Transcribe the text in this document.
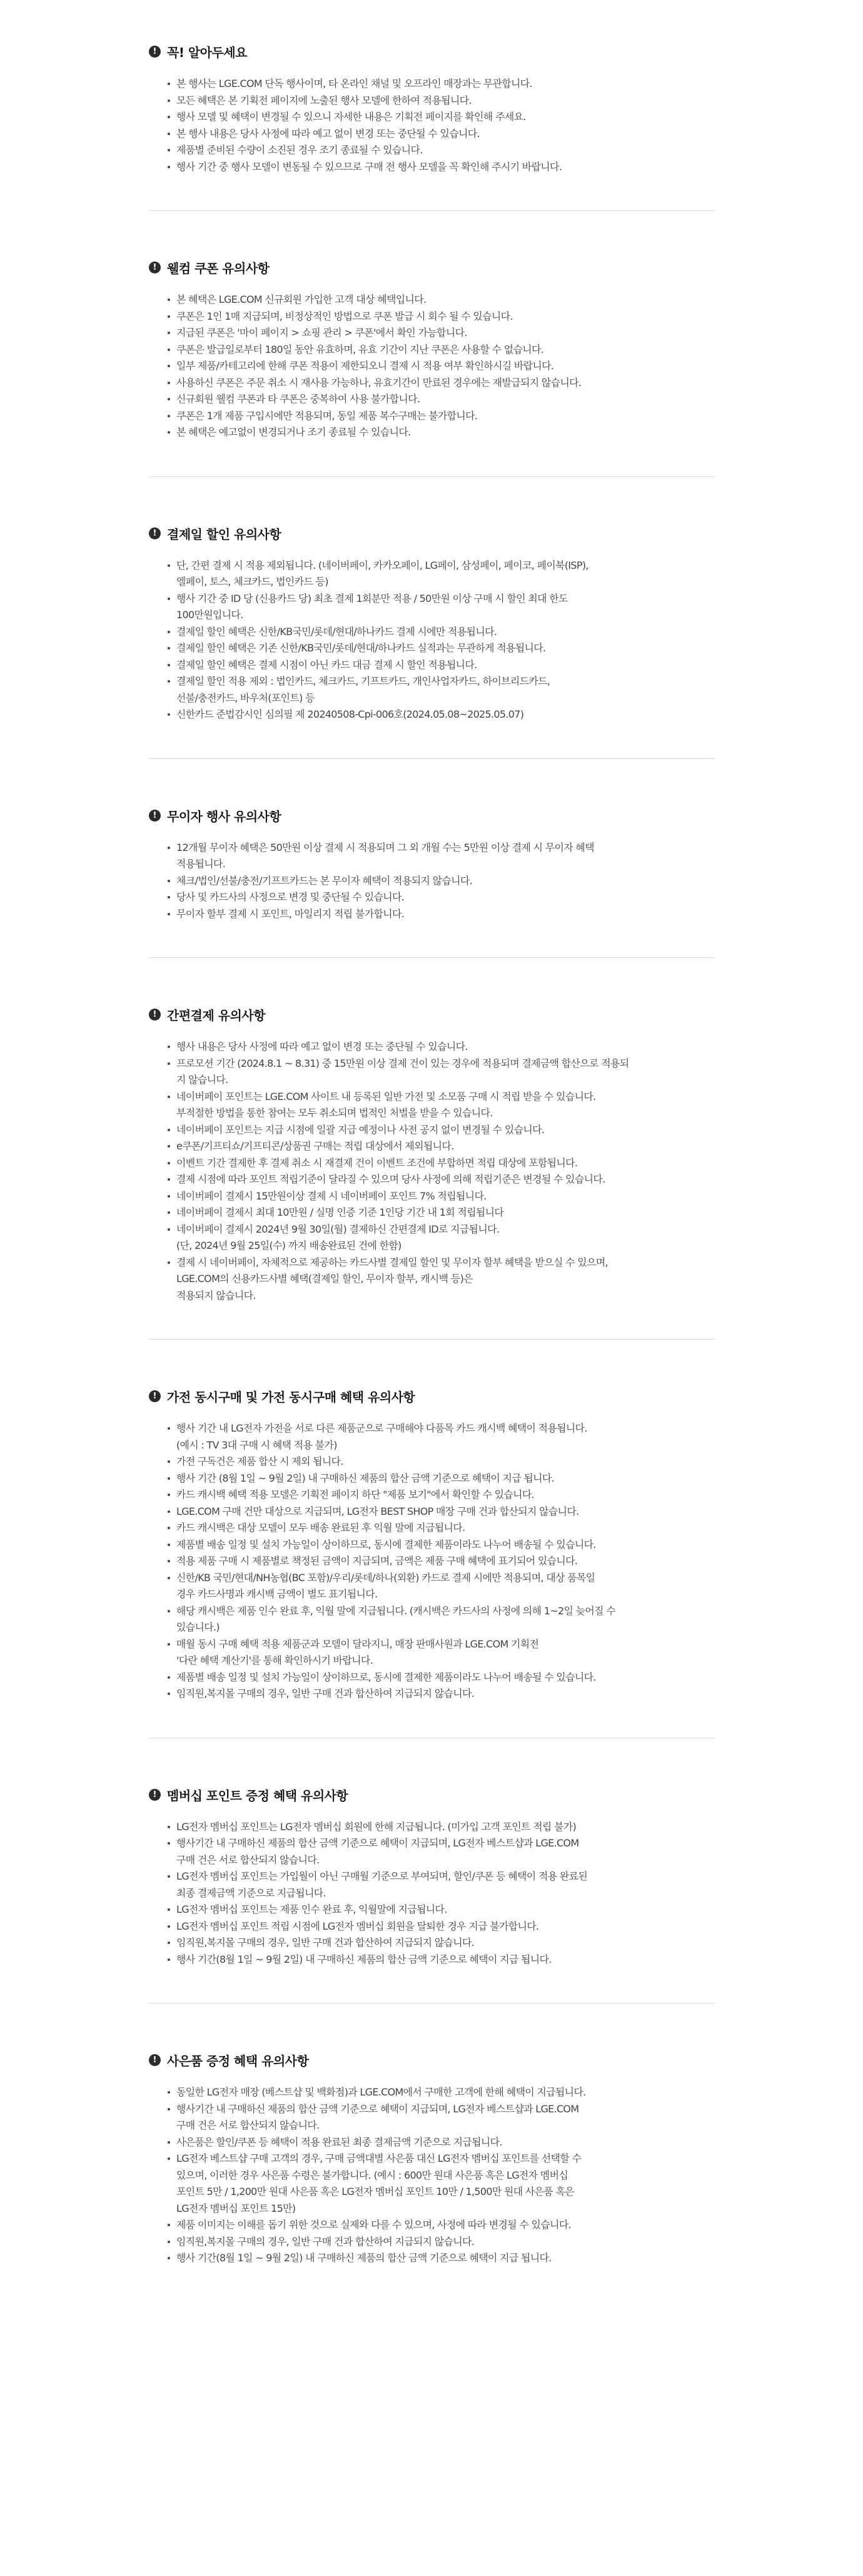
! 꼭! 알아두세요
본 행사는 LGE.COM 단독 행사이며, 타 온라인 채널 및 오프라인 매장과는 무관합니다.
모든 혜택은 본 기획전 페이지에 노출된 행사 모델에 한하여 적용됩니다.
행사 모델 및 혜택이 변경될 수 있으니 자세한 내용은 기획전 페이지를 확인해 주세요.
본 행사 내용은 당사 사정에 따라 예고 없이 변경 또는 중단될 수 있습니다.
제품별 준비된 수량이 소진된 경우 조기 종료될 수 있습니다.
행사 기간 중 행사 모델이 변동될 수 있으므로 구매 전 행사 모델을 꼭 확인해 주시기 바랍니다.
! 웰컴 쿠폰 유의사항
본 혜택은 LGE.COM 신규회원 가입한 고객 대상 혜택입니다.
쿠폰은 1인 1매 지급되며, 비정상적인 방법으로 쿠폰 발급 시 회수 될 수 있습니다.
지급된 쿠폰은 '마이 페이지 > 쇼핑 관리 > 쿠폰'에서 확인 가능합니다.
쿠폰은 발급일로부터 180일 동안 유효하며, 유효 기간이 지난 쿠폰은 사용할 수 없습니다.
일부 제품/카테고리에 한해 쿠폰 적용이 제한되오니 결제 시 적용 여부 확인하시길 바랍니다.
사용하신 쿠폰은 주문 취소 시 재사용 가능하나, 유효기간이 만료된 경우에는 재발급되지 않습니다.
신규회원 웰컴 쿠폰과 타 쿠폰은 중복하여 사용 불가합니다.
쿠폰은 1개 제품 구입시에만 적용되며, 동일 제품 복수구매는 불가합니다.
본 혜택은 예고없이 변경되거나 조기 종료될 수 있습니다.
! 결제일 할인 유의사항
단, 간편 결제 시 적용 제외됩니다. (네이버페이, 카카오페이, LG페이, 삼성페이, 페이코, 페이북(ISP),
엘페이, 토스, 체크카드, 법인카드 등)
행사 기간 중 ID 당 (신용카드 당) 최초 결제 1회분만 적용 / 50만원 이상 구매 시 할인 최대 한도
100만원입니다.
결제일 할인 혜택은 신한/KB국민/롯데/현대/하나카드 결제 시에만 적용됩니다.
결제일 할인 혜택은 기존 신한/KB국민/롯데/현대/하나카드 실적과는 무관하게 적용됩니다.
결제일 할인 혜택은 결제 시점이 아닌 카드 대금 결제 시 할인 적용됩니다.
결제일 할인 적용 제외 : 법인카드, 체크카드, 기프트카드, 개인사업자카드, 하이브리드카드,
선불/충전카드, 바우처(포인트) 등
신한카드 준법감시인 심의필 제 20240508-Cpi-006호(2024.05.08~2025.05.07)
! 무이자 행사 유의사항
12개월 무이자 혜택은 50만원 이상 결제 시 적용되며 그 외 개월 수는 5만원 이상 결제 시 무이자 혜택
적용됩니다.
체크/법인/선불/충전/기프트카드는 본 무이자 혜택이 적용되지 않습니다.
당사 및 카드사의 사정으로 변경 및 중단될 수 있습니다.
무이자 할부 결제 시 포인트, 마일리지 적립 불가합니다.
! 간편결제 유의사항
행사 내용은 당사 사정에 따라 예고 없이 변경 또는 중단될 수 있습니다.
프로모션 기간 (2024.8.1 ~ 8.31) 중 15만원 이상 결제 건이 있는 경우에 적용되며 결제금액 합산으로 적용되
지 않습니다.
네이버페이 포인트는 LGE.COM 사이트 내 등록된 일반 가전 및 소모품 구매 시 적립 받을 수 있습니다.
부적절한 방법을 통한 참여는 모두 취소되며 법적인 처벌을 받을 수 있습니다.
네이버페이 포인트는 지급 시점에 일괄 지급 예정이나 사전 공지 없이 변경될 수 있습니다.
e쿠폰/기프티쇼/기프티콘/상품권 구매는 적립 대상에서 제외됩니다.
이벤트 기간 결제한 후 결제 취소 시 재결제 건이 이벤트 조건에 부합하면 적립 대상에 포함됩니다.
결제 시점에 따라 포인트 적립기준이 달라질 수 있으며 당사 사정에 의해 적립기준은 변경될 수 있습니다.
네이버페이 결제시 15만원이상 결제 시 네이버페이 포인트 7% 적립됩니다.
네이버페이 결제시 최대 10만원 / 실명 인증 기준 1인당 기간 내 1회 적립됩니다
네이버페이 결제시 2024년 9월 30일(월) 결제하신 간편결제 ID로 지급됩니다.
(단, 2024년 9월 25일(수) 까지 배송완료된 건에 한함)
결제 시 네이버페이, 자체적으로 제공하는 카드사별 결제일 할인 및 무이자 할부 혜택을 받으실 수 있으며,
LGE.COM의 신용카드사별 혜택(결제일 할인, 무이자 할부, 캐시백 등)은
적용되지 않습니다.
! 가전 동시구매 및 가전 동시구매 혜택 유의사항
행사 기간 내 LG전자 가전을 서로 다른 제품군으로 구매해야 다품목 카드 캐시백 혜택이 적용됩니다.
(예시 : TV 3대 구매 시 혜택 적용 불가)
가전 구독건은 제품 합산 시 제외 됩니다.
행사 기간 (8월 1일 ~ 9월 2일) 내 구매하신 제품의 합산 금액 기준으로 혜택이 지급 됩니다.
카드 캐시백 혜택 적용 모델은 기획전 페이지 하단 "제품 보기"에서 확인할 수 있습니다.
LGE.COM 구매 건만 대상으로 지급되며, LG전자 BEST SHOP 매장 구매 건과 합산되지 않습니다.
카드 캐시백은 대상 모델이 모두 배송 완료된 후 익월 말에 지급됩니다.
제품별 배송 일정 및 설치 가능일이 상이하므로, 동시에 결제한 제품이라도 나누어 배송될 수 있습니다.
적용 제품 구매 시 제품별로 책정된 금액이 지급되며, 금액은 제품 구매 혜택에 표기되어 있습니다.
신한/KB 국민/현대/NH농협(BC 포함)/우리/롯데/하나(외환) 카드로 결제 시에만 적용되며, 대상 품목일
경우 카드사명과 캐시백 금액이 별도 표기됩니다.
해당 캐시백은 제품 인수 완료 후, 익월 말에 지급됩니다. (캐시백은 카드사의 사정에 의해 1~2일 늦어질 수
있습니다.)
매월 동시 구매 혜택 적용 제품군과 모델이 달라지니, 매장 판매사원과 LGE.COM 기획전
'다란 혜택 계산기'를 통해 확인하시기 바랍니다.
제품별 배송 일정 및 설치 가능일이 상이하므로, 동시에 결제한 제품이라도 나누어 배송될 수 있습니다.
임직원,복지몰 구매의 경우, 일반 구매 건과 합산하여 지급되지 않습니다.
! 멤버십 포인트 증정 혜택 유의사항
LG전자 멤버십 포인트는 LG전자 멤버십 회원에 한해 지급됩니다. (미가입 고객 포인트 적립 불가)
행사기간 내 구매하신 제품의 합산 금액 기준으로 혜택이 지급되며, LG전자 베스트샵과 LGE.COM
구매 건은 서로 합산되지 않습니다.
LG전자 멤버십 포인트는 가입월이 아닌 구매월 기준으로 부여되며, 할인/쿠폰 등 혜택이 적용 완료된
최종 결제금액 기준으로 지급됩니다.
LG전자 멤버십 포인트는 제품 인수 완료 후, 익월말에 지급됩니다.
LG전자 멤버십 포인트 적립 시점에 LG전자 멤버십 회원을 탈퇴한 경우 지급 불가합니다.
임직원,복지몰 구매의 경우, 일반 구매 건과 합산하여 지급되지 않습니다.
행사 기간(8월 1일 ~ 9월 2일) 내 구매하신 제품의 합산 금액 기준으로 혜택이 지급 됩니다.
! 사은품 증정 혜택 유의사항
동일한 LG전자 매장 (베스트샵 및 백화점)과 LGE.COM에서 구매한 고객에 한해 혜택이 지급됩니다.
행사기간 내 구매하신 제품의 합산 금액 기준으로 혜택이 지급되며, LG전자 베스트샵과 LGE.COM
구매 건은 서로 합산되지 않습니다.
사은품은 할인/쿠폰 등 혜택이 적용 완료된 최종 결제금액 기준으로 지급됩니다.
LG전자 베스트샵 구매 고객의 경우, 구매 금액대별 사은품 대신 LG전자 멤버십 포인트를 선택할 수
있으며, 이러한 경우 사은품 수령은 불가합니다. (예시 : 600만 원대 사은품 혹은 LG전자 멤버십
포인트 5만 / 1,200만 원대 사은품 혹은 LG전자 멤버십 포인트 10만 / 1,500만 원대 사은품 혹은
LG전자 멤버십 포인트 15만)
제품 이미지는 이해를 돕기 위한 것으로 실제와 다를 수 있으며, 사정에 따라 변경될 수 있습니다.
임직원,복지몰 구매의 경우, 일반 구매 건과 합산하여 지급되지 않습니다.
행사 기간(8월 1일 ~ 9월 2일) 내 구매하신 제품의 합산 금액 기준으로 혜택이 지급 됩니다.
